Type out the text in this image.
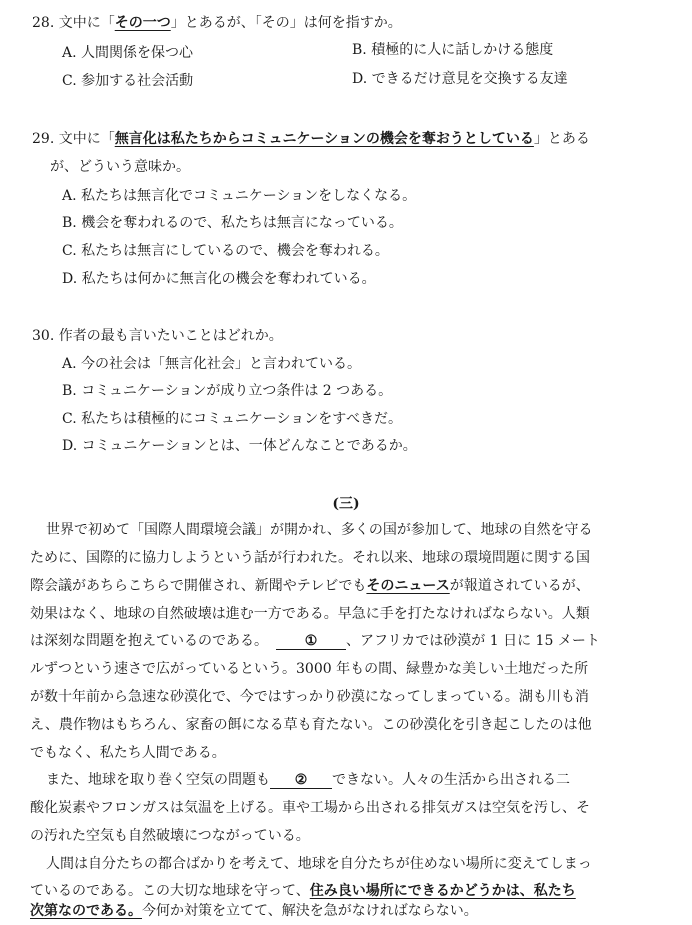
28. 文中に「その一つ」とあるが、「その」は何を指すか。
A. 人間関係を保つ心	B. 積極的に人に話しかける態度
C. 参加する社会活動	D. できるだけ意見を交換する友達
29. 文中に「無言化は私たちからコミュニケーションの機会を奪おうとしている」とある
が、どういう意味か。
A. 私たちは無言化でコミュニケーションをしなくなる。
B. 機会を奪われるので、私たちは無言になっている。
C. 私たちは無言にしているので、機会を奪われる。
D. 私たちは何かに無言化の機会を奪われている。
30. 作者の最も言いたいことはどれか。
A. 今の社会は「無言化社会」と言われている。
B. コミュニケーションが成り立つ条件は 2 つある。
C. 私たちは積極的にコミュニケーションをすべきだ。
D. コミュニケーションとは、一体どんなことであるか。
(三)
世界で初めて「国際人間環境会議」が開かれ、多くの国が参加して、地球の自然を守る
ために、国際的に協力しようという話が行われた。それ以来、地球の環境問題に関する国
際会議があちらこちらで開催され、新聞やテレビでもそのニュースが報道されているが、
効果はなく、地球の自然破壊は進む一方である。早急に手を打たなければならない。人類
は深刻な問題を抱えているのである。	① 、アフリカでは砂漠が 1 日に 15 メート
ルずつという速さで広がっているという。3000 年もの間、緑豊かな美しい土地だった所
が数十年前から急速な砂漠化で、今ではすっかり砂漠になってしまっている。湖も川も消
え、農作物はもちろん、家畜の餌になる草も育たない。この砂漠化を引き起こしたのは他
でもなく、私たち人間である。
また、地球を取り巻く空気の問題も ② できない。人々の生活から出される二
酸化炭素やフロンガスは気温を上げる。車や工場から出される排気ガスは空気を汚し、そ
の汚れた空気も自然破壊につながっている。
人間は自分たちの都合ばかりを考えて、地球を自分たちが住めない場所に変えてしまっ
ているのである。この大切な地球を守って、住み良い場所にできるかどうかは、私たち
次第なのである。今何か対策を立てて、解決を急がなければならない。
